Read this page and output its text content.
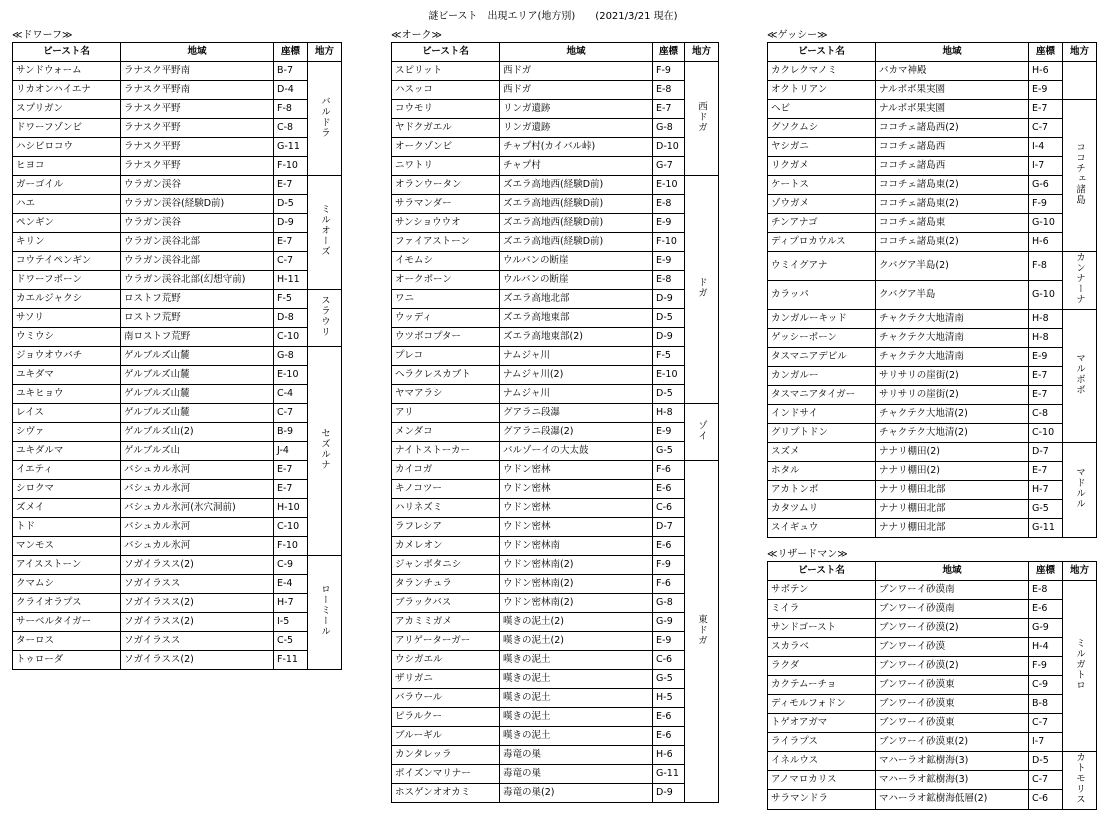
謎ビースト　出現エリア(地方別)　　(2021/3/21 現在)
≪ドワーフ≫
ビースト名	地域	座標	地方
サンドウォーム	ラナスク平野南	B-7	バルドラ
リカオンハイエナ	ラナスク平野南	D-4	
スプリガン	ラナスク平野	F-8	
ドワーフゾンビ	ラナスク平野	C-8	
ハシビロコウ	ラナスク平野	G-11	
ヒヨコ	ラナスク平野	F-10	
ガーゴイル	ウラガン渓谷	E-7	ミルオーズ
ハエ	ウラガン渓谷(経験D前)	D-5	
ペンギン	ウラガン渓谷	D-9	
キリン	ウラガン渓谷北部	E-7	
コウテイペンギン	ウラガン渓谷北部	C-7	
ドワーフボーン	ウラガン渓谷北部(幻想守前)	H-11	
カエルジャクシ	ロストフ荒野	F-5	スラウリ
サソリ	ロストフ荒野	D-8	
ウミウシ	南ロストフ荒野	C-10	
ジョウオウバチ	ゲルブルズ山麓	G-8	セズルナ
ユキダマ	ゲルブルズ山麓	E-10	
ユキヒョウ	ゲルブルズ山麓	C-4	
レイス	ゲルブルズ山麓	C-7	
シヴァ	ゲルブルズ山(2)	B-9	
ユキダルマ	ゲルブルズ山	J-4	
イエティ	バシュカル氷河	E-7	
シロクマ	バシュカル氷河	E-7	
ズメイ	バシュカル氷河(氷穴洞前)	H-10	
トド	バシュカル氷河	C-10	
マンモス	バシュカル氷河	F-10	
アイスストーン	ソガイラスス(2)	C-9	ローミール
クマムシ	ソガイラスス	E-4	
クライオラプス	ソガイラスス(2)	H-7	
サーベルタイガー	ソガイラスス(2)	I-5	
ターロス	ソガイラスス	C-5	
トゥローダ	ソガイラスス(2)	F-11	
≪オーク≫
ビースト名	地域	座標	地方
スピリット	西ドガ	F-9	西ドガ
ハスッコ	西ドガ	E-8	
コウモリ	リンガ遺跡	E-7	
ヤドクガエル	リンガ遺跡	G-8	
オークゾンビ	チャプ村(カイバル峠)	D-10	
ニワトリ	チャプ村	G-7	
オランウータン	ズエラ高地西(経験D前)	E-10	ドガ
サラマンダー	ズエラ高地西(経験D前)	E-8	
サンショウウオ	ズエラ高地西(経験D前)	E-9	
ファイアストーン	ズエラ高地西(経験D前)	F-10	
イモムシ	ウルバンの断崖	E-9	
オークボーン	ウルバンの断崖	E-8	
ワニ	ズエラ高地北部	D-9	
ウッディ	ズエラ高地東部	D-5	
ウツボコプター	ズエラ高地東部(2)	D-9	
プレコ	ナムジャ川	F-5	
ヘラクレスカブト	ナムジャ川(2)	E-10	
ヤマアラシ	ナムジャ川	D-5	
アリ	グアラニ段瀑	H-8	ゾイ
メンダコ	グアラニ段瀑(2)	E-9	
ナイトストーカー	バルゾーイの大太鼓	G-5	
カイコガ	ウドン密林	F-6	東ドガ
キノコツー	ウドン密林	E-6	
ハリネズミ	ウドン密林	C-6	
ラフレシア	ウドン密林	D-7	
カメレオン	ウドン密林南	E-6	
ジャンボタニシ	ウドン密林南(2)	F-9	
タランチュラ	ウドン密林南(2)	F-6	
ブラックバス	ウドン密林南(2)	G-8	
アカミミガメ	嘆きの泥土(2)	G-9	
アリゲーターガー	嘆きの泥土(2)	E-9	
ウシガエル	嘆きの泥土	C-6	
ザリガニ	嘆きの泥土	G-5	
バラウール	嘆きの泥土	H-5	
ピラルクー	嘆きの泥土	E-6	
ブルーギル	嘆きの泥土	E-6	
カンタレッラ	毒竜の巣	H-6	
ポイズンマリナー	毒竜の巣	G-11	
ホスゲンオオカミ	毒竜の巣(2)	D-9	
≪ゲッシー≫
ビースト名	地域	座標	地方
カクレクマノミ	バカマ神殿	H-6	
オクトリアン	ナルボボ果実園	E-9	
ヘビ	ナルボボ果実園	E-7	ココチェ諸島
グソクムシ	ココチェ諸島西(2)	C-7	
ヤシガニ	ココチェ諸島西	I-4	
リクガメ	ココチェ諸島西	I-7	
ケートス	ココチェ諸島東(2)	G-6	
ゾウガメ	ココチェ諸島東(2)	F-9	
チンアナゴ	ココチェ諸島東	G-10	
ディプロカウルス	ココチェ諸島東(2)	H-6	
ウミイグアナ	クバグア半島(2)	F-8	カンナーナ
カラッパ	クバグア半島	G-10	
カンガルーキッド	チャクテク大地清南	H-8	マルボボ
ゲッシーボーン	チャクテク大地清南	H-8	
タスマニアデビル	チャクテク大地清南	E-9	
カンガルー	サリサリの崖街(2)	E-7	
タスマニアタイガー	サリサリの崖街(2)	E-7	
インドサイ	チャクテク大地清(2)	C-8	
グリプトドン	チャクテク大地清(2)	C-10	
スズメ	ナナリ棚田(2)	D-7	マドルル
ホタル	ナナリ棚田(2)	E-7	
アカトンボ	ナナリ棚田北部	H-7	
カタツムリ	ナナリ棚田北部	G-5	
スイギュウ	ナナリ棚田北部	G-11	
≪リザードマン≫
ビースト名	地域	座標	地方
サボテン	ブンワーイ砂漠南	E-8	ミルガトロ
ミイラ	ブンワーイ砂漠南	E-6	
サンドゴースト	ブンワーイ砂漠(2)	G-9	
スカラベ	ブンワーイ砂漠	H-4	
ラクダ	ブンワーイ砂漠(2)	F-9	
カクテムーチョ	ブンワーイ砂漠東	C-9	
ディモルフォドン	ブンワーイ砂漠東	B-8	
トゲオアガマ	ブンワーイ砂漠東	C-7	
ライラプス	ブンワーイ砂漠東(2)	I-7	
イネルウス	マハーラオ鉱樹海(3)	D-5	カトモリス
アノマロカリス	マハーラオ鉱樹海(3)	C-7	
サラマンドラ	マハーラオ鉱樹海低層(2)	C-6	
